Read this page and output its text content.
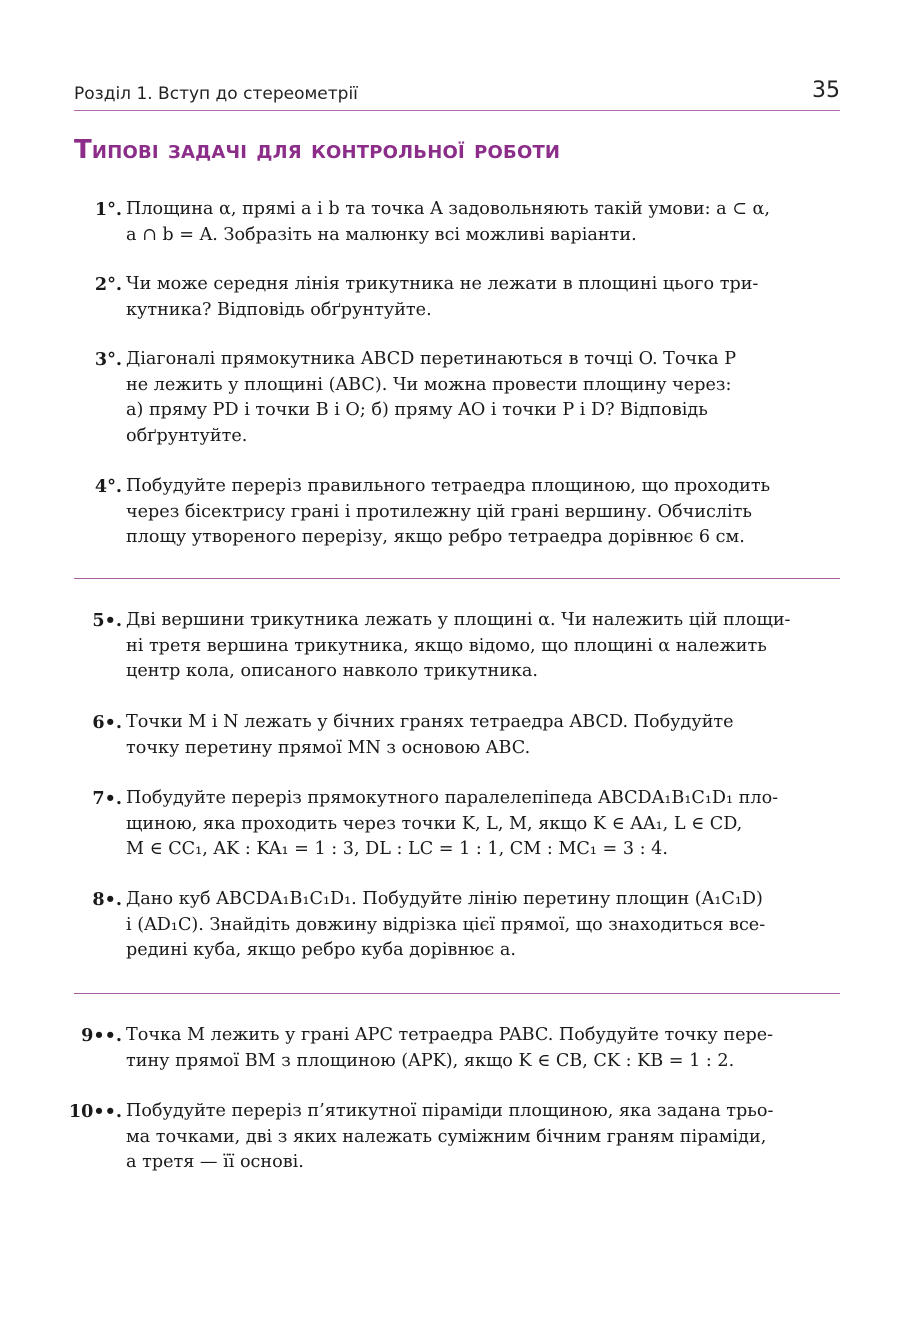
Розділ 1. Вступ до стереометрії	35
Типові задачі для контрольної роботи
1°. Площина α, прямі a і b та точка A задовольняють такій умови: a ⊂ α,
a ∩ b = A. Зобразіть на малюнку всі можливі варіанти.
2°. Чи може середня лінія трикутника не лежати в площині цього три-
кутника? Відповідь обґрунтуйте.
3°. Діагоналі прямокутника ABCD перетинаються в точці O. Точка P
не лежить у площині (ABC). Чи можна провести площину через:
а) пряму PD і точки B і O; б) пряму AO і точки P і D? Відповідь
обґрунтуйте.
4°. Побудуйте переріз правильного тетраедра площиною, що проходить
через бісектрису грані і протилежну цій грані вершину. Обчисліть
площу утвореного перерізу, якщо ребро тетраедра дорівнює 6 см.
5•. Дві вершини трикутника лежать у площині α. Чи належить цій площи-
ні третя вершина трикутника, якщо відомо, що площині α належить
центр кола, описаного навколо трикутника.
6•. Точки M і N лежать у бічних гранях тетраедра ABCD. Побудуйте
точку перетину прямої MN з основою ABC.
7•. Побудуйте переріз прямокутного паралелепіпеда ABCDA₁B₁C₁D₁ пло-
щиною, яка проходить через точки K, L, M, якщо K ∈ AA₁, L ∈ CD,
M ∈ CC₁, AK : KA₁ = 1 : 3, DL : LC = 1 : 1, CM : MC₁ = 3 : 4.
8•. Дано куб ABCDA₁B₁C₁D₁. Побудуйте лінію перетину площин (A₁C₁D)
і (AD₁C). Знайдіть довжину відрізка цієї прямої, що знаходиться все-
редині куба, якщо ребро куба дорівнює a.
9••. Точка M лежить у грані APC тетраедра PABC. Побудуйте точку пере-
тину прямої BM з площиною (APK), якщо K ∈ CB, CK : KB = 1 : 2.
10••. Побудуйте переріз п’ятикутної піраміди площиною, яка задана трьо-
ма точками, дві з яких належать суміжним бічним граням піраміди,
а третя — її основі.
